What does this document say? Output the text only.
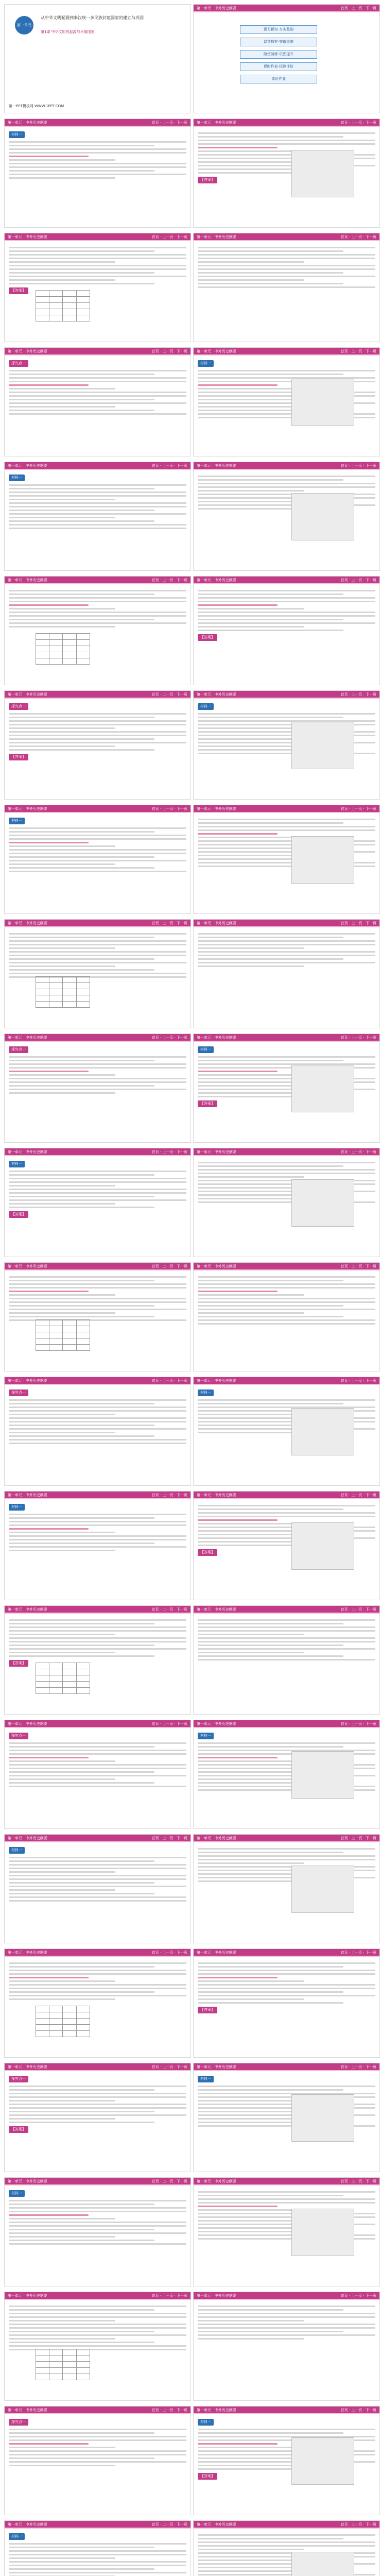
第一单元
从中华文明起源到秦汉统一多民族封建国家的建立与巩固
第1课 中华文明的起源与早期国家
第一PPT模板网 WWW.1PPT.COM
第一单元 · 中外历史纲要	首页 · 上一页 · 下一页
预习新知·夯实基础
课堂探究·突破重难
随堂演练·巩固提升
课时作业·检测评价
课时作业
第一单元 · 中外历史纲要	首页 · 上一页 · 下一页
材料一
第一单元 · 中外历史纲要	首页 · 上一页 · 下一页
【答案】
第一单元 · 中外历史纲要	首页 · 上一页 · 下一页
【答案】

第一单元 · 中外历史纲要	首页 · 上一页 · 下一页
第一单元 · 中外历史纲要	首页 · 上一页 · 下一页
探究点一
第一单元 · 中外历史纲要	首页 · 上一页 · 下一页
材料一
第一单元 · 中外历史纲要	首页 · 上一页 · 下一页
材料一
第一单元 · 中外历史纲要	首页 · 上一页 · 下一页
第一单元 · 中外历史纲要	首页 · 上一页 · 下一页

				第一单元 · 中外历史纲要	首页 · 上一页 · 下一页
【答案】
第一单元 · 中外历史纲要	首页 · 上一页 · 下一页
探究点一
【答案】
第一单元 · 中外历史纲要	首页 · 上一页 · 下一页
材料一
第一单元 · 中外历史纲要	首页 · 上一页 · 下一页
材料一
第一单元 · 中外历史纲要	首页 · 上一页 · 下一页
第一单元 · 中外历史纲要	首页 · 上一页 · 下一页

				第一单元 · 中外历史纲要	首页 · 上一页 · 下一页
第一单元 · 中外历史纲要	首页 · 上一页 · 下一页
探究点一
第一单元 · 中外历史纲要	首页 · 上一页 · 下一页
材料一
【答案】
第一单元 · 中外历史纲要	首页 · 上一页 · 下一页
材料一
【答案】
第一单元 · 中外历史纲要	首页 · 上一页 · 下一页
第一单元 · 中外历史纲要	首页 · 上一页 · 下一页

				第一单元 · 中外历史纲要	首页 · 上一页 · 下一页
第一单元 · 中外历史纲要	首页 · 上一页 · 下一页
探究点一
第一单元 · 中外历史纲要	首页 · 上一页 · 下一页
材料一
第一单元 · 中外历史纲要	首页 · 上一页 · 下一页
材料一
第一单元 · 中外历史纲要	首页 · 上一页 · 下一页
【答案】
第一单元 · 中外历史纲要	首页 · 上一页 · 下一页
【答案】

第一单元 · 中外历史纲要	首页 · 上一页 · 下一页
第一单元 · 中外历史纲要	首页 · 上一页 · 下一页
探究点一
第一单元 · 中外历史纲要	首页 · 上一页 · 下一页
材料一
第一单元 · 中外历史纲要	首页 · 上一页 · 下一页
材料一
第一单元 · 中外历史纲要	首页 · 上一页 · 下一页
第一单元 · 中外历史纲要	首页 · 上一页 · 下一页

				第一单元 · 中外历史纲要	首页 · 上一页 · 下一页
【答案】
第一单元 · 中外历史纲要	首页 · 上一页 · 下一页
探究点一
【答案】
第一单元 · 中外历史纲要	首页 · 上一页 · 下一页
材料一
第一单元 · 中外历史纲要	首页 · 上一页 · 下一页
材料一
第一单元 · 中外历史纲要	首页 · 上一页 · 下一页
第一单元 · 中外历史纲要	首页 · 上一页 · 下一页

				第一单元 · 中外历史纲要	首页 · 上一页 · 下一页
第一单元 · 中外历史纲要	首页 · 上一页 · 下一页
探究点一
第一单元 · 中外历史纲要	首页 · 上一页 · 下一页
材料一
【答案】
第一单元 · 中外历史纲要	首页 · 上一页 · 下一页
材料一
第一单元 · 中外历史纲要	首页 · 上一页 · 下一页
